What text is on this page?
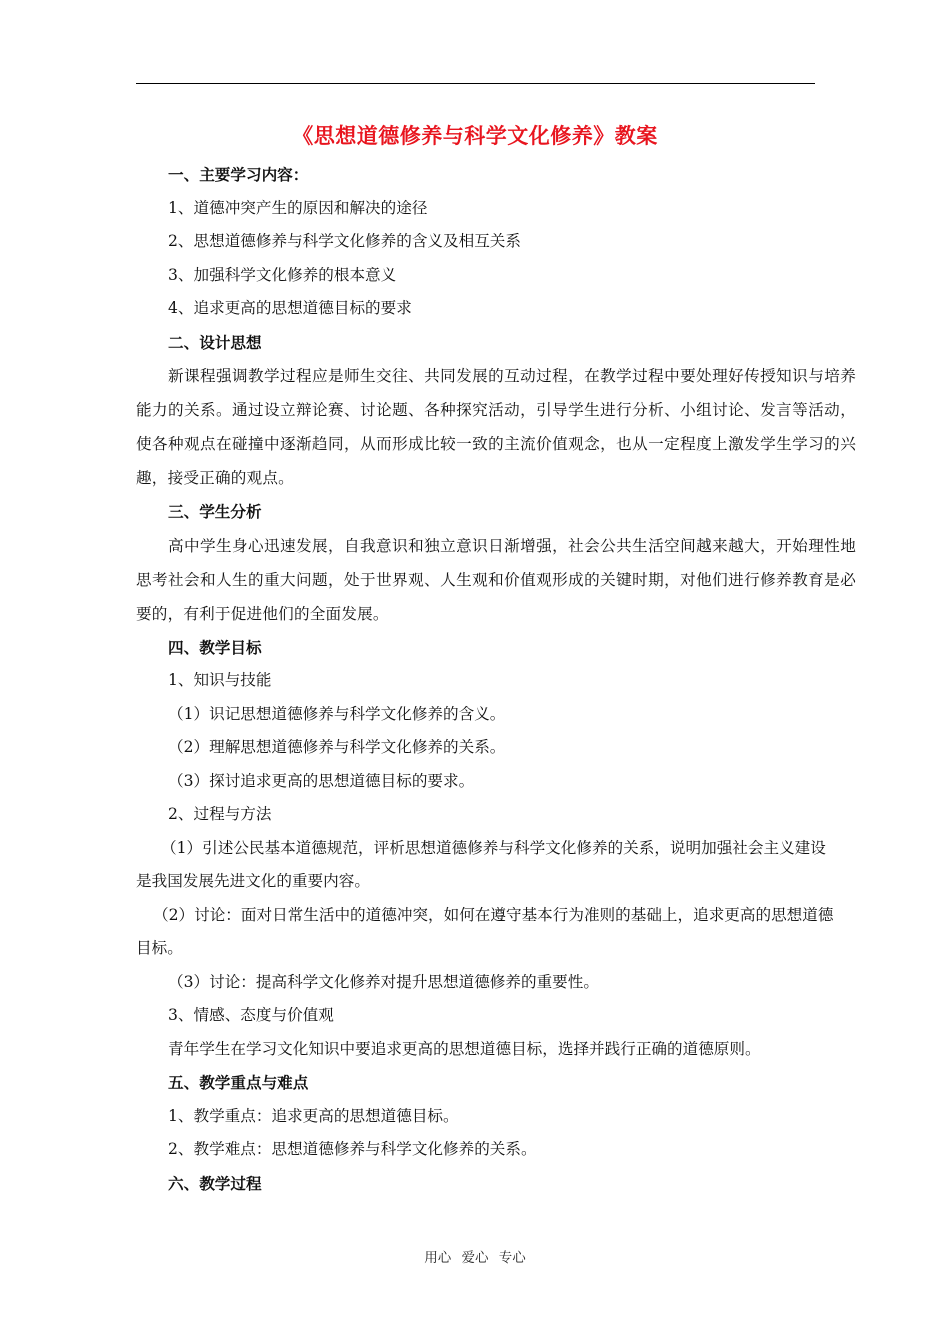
《思想道德修养与科学文化修养》教案
一、主要学习内容：
1、道德冲突产生的原因和解决的途径
2、思想道德修养与科学文化修养的含义及相互关系
3、加强科学文化修养的根本意义
4、追求更高的思想道德目标的要求
二、设计思想
新课程强调教学过程应是师生交往、共同发展的互动过程，在教学过程中要处理好传授知识与培养能力的关系。通过设立辩论赛、讨论题、各种探究活动，引导学生进行分析、小组讨论、发言等活动，使各种观点在碰撞中逐渐趋同，从而形成比较一致的主流价值观念，也从一定程度上激发学生学习的兴趣，接受正确的观点。
三、学生分析
高中学生身心迅速发展，自我意识和独立意识日渐增强，社会公共生活空间越来越大，开始理性地思考社会和人生的重大问题，处于世界观、人生观和价值观形成的关键时期，对他们进行修养教育是必要的，有利于促进他们的全面发展。
四、教学目标
1、知识与技能
（1）识记思想道德修养与科学文化修养的含义。
（2）理解思想道德修养与科学文化修养的关系。
（3）探讨追求更高的思想道德目标的要求。
2、过程与方法
（1）引述公民基本道德规范，评析思想道德修养与科学文化修养的关系，说明加强社会主义建设
是我国发展先进文化的重要内容。
（2）讨论：面对日常生活中的道德冲突，如何在遵守基本行为准则的基础上，追求更高的思想道德
目标。
（3）讨论：提高科学文化修养对提升思想道德修养的重要性。
3、情感、态度与价值观
青年学生在学习文化知识中要追求更高的思想道德目标，选择并践行正确的道德原则。
五、教学重点与难点
1、教学重点：追求更高的思想道德目标。
2、教学难点：思想道德修养与科学文化修养的关系。
六、教学过程
用心 爱心 专心
